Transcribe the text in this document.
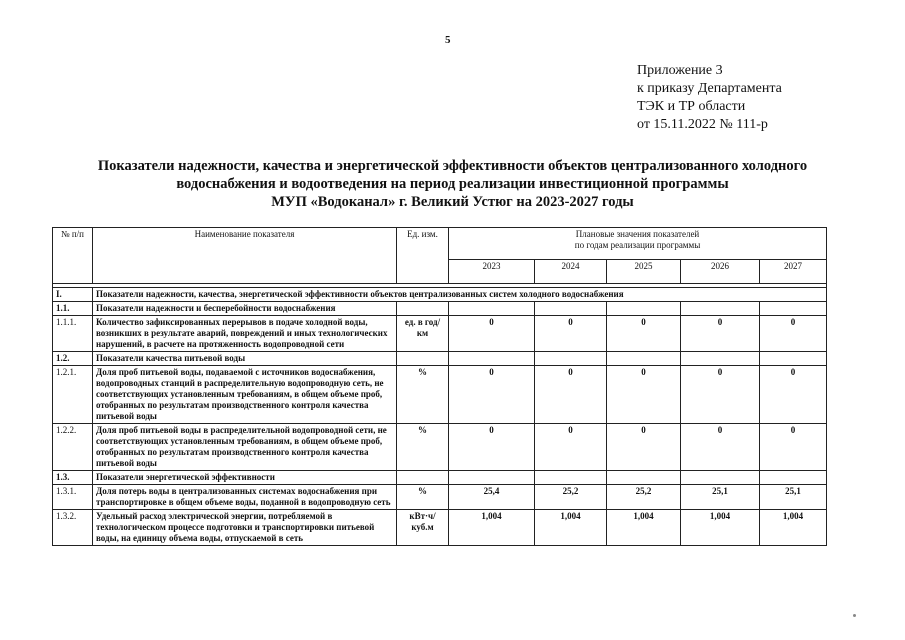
5
Приложение 3
к приказу Департамента
ТЭК и ТР области
от 15.11.2022 № 111-р
Показатели надежности, качества и энергетической эффективности объектов централизованного холодного
водоснабжения и водоотведения на период реализации инвестиционной программы
МУП «Водоканал» г. Великий Устюг на 2023-2027 годы
№ п/п	Наименование показателя	Ед. изм.	Плановые значения показателей
по годам реализации программы				

			2023	2024	2025	2026	2027

I.	Показатели надежности, качества, энергетической эффективности объектов централизованных систем холодного водоснабжения						
1.1.	Показатели надежности и бесперебойности водоснабжения						
1.1.1.	Количество зафиксированных перерывов в подаче холодной воды, возникших в результате аварий, повреждений и иных технологических нарушений, в расчете на протяженность водопроводной сети	ед. в год/км	0	0	0	0	0
1.2.	Показатели качества питьевой воды						
1.2.1.	Доля проб питьевой воды, подаваемой с источников водоснабжения, водопроводных станций в распределительную водопроводную сеть, не соответствующих установленным требованиям, в общем объеме проб, отобранных по результатам производственного контроля качества питьевой воды	%	0	0	0	0	0
1.2.2.	Доля проб питьевой воды в распределительной водопроводной сети, не соответствующих установленным требованиям, в общем объеме проб, отобранных по результатам производственного контроля качества питьевой воды	%	0	0	0	0	0
1.3.	Показатели энергетической эффективности						
1.3.1.	Доля потерь воды в централизованных системах водоснабжения при транспортировке в общем объеме воды, поданной в водопроводную сеть	%	25,4	25,2	25,2	25,1	25,1
1.3.2.	Удельный расход электрической энергии, потребляемой в технологическом процессе подготовки и транспортировки питьевой воды, на единицу объема воды, отпускаемой в сеть	кВт·ч/ куб.м	1,004	1,004	1,004	1,004	1,004
